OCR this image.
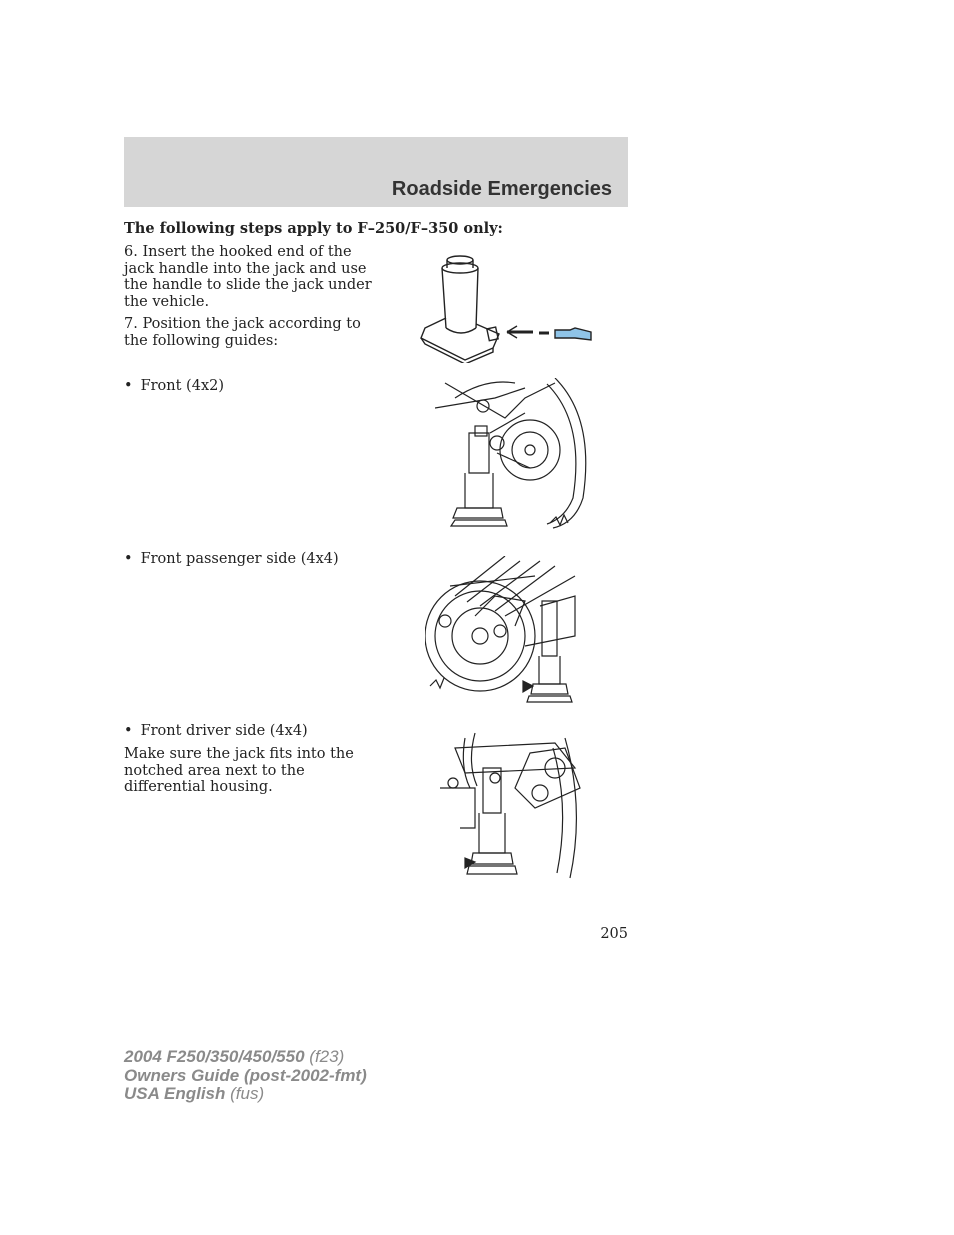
Roadside Emergencies
The following steps apply to F–250/F–350 only:
6. Insert the hooked end of the jack handle into the jack and use the handle to slide the jack under the vehicle.
7. Position the jack according to the following guides:
• Front (4x2)
• Front passenger side (4x4)
• Front driver side (4x4)
Make sure the jack fits into the notched area next to the differential housing.
205
2004 F250/350/450/550 (f23)
Owners Guide (post-2002-fmt)
USA English (fus)
